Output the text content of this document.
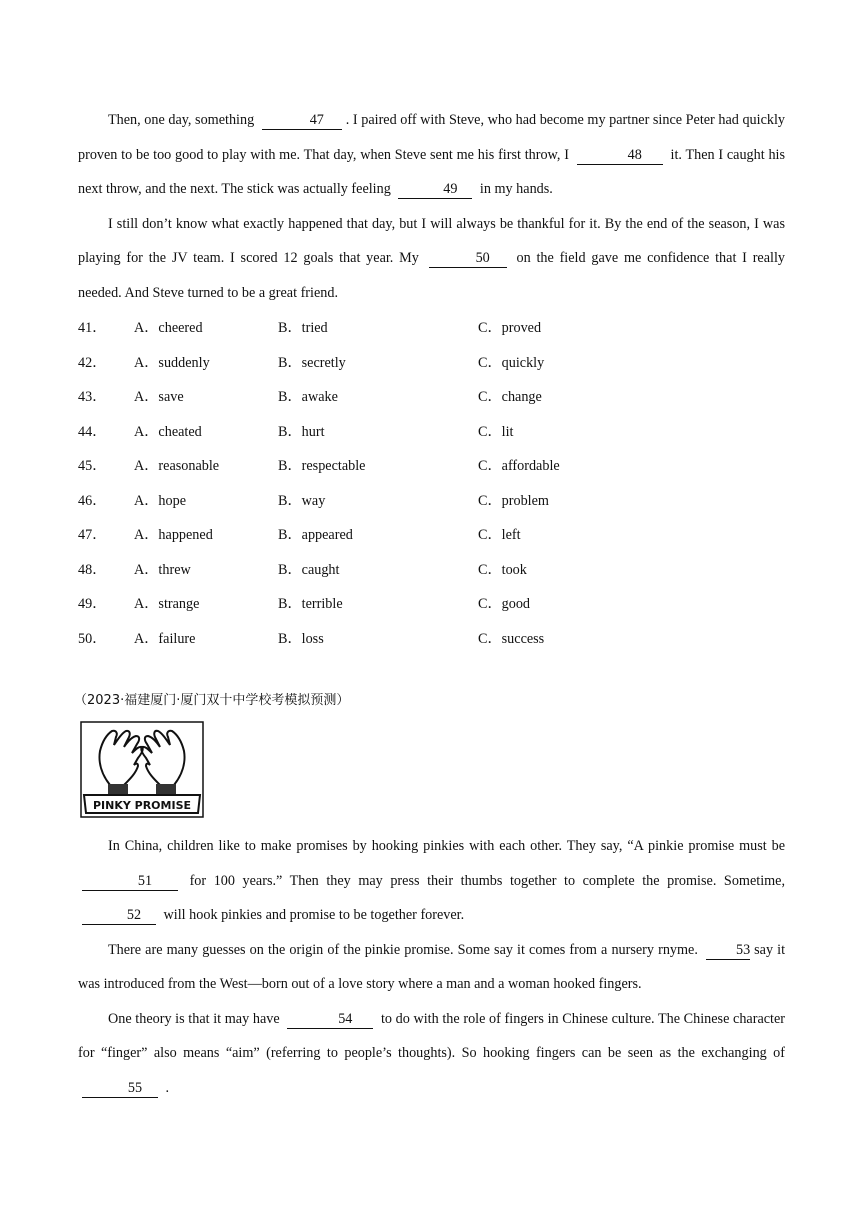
Then, one day, something	47 . I paired off with Steve, who had become my partner since Peter had quickly proven to be too good to play with me. That day, when Steve sent me his first throw, I	48 it. Then I caught his next throw, and the next. The stick was actually feeling	49 in my hands.

I still don’t know what exactly happened that day, but I will always be thankful for it. By the end of the season, I was playing for the JV team. I scored 12 goals that year. My	50 on the field gave me confidence that I really needed. And Steve turned to be a great friend.

41．	A．cheered	B．tried	C．proved
42．	A．suddenly	B．secretly	C．quickly
43．	A．save	B．awake	C．change
44．	A．cheated	B．hurt	C．lit
45．	A．reasonable	B．respectable	C．affordable
46．	A．hope	B．way	C．problem
47．	A．happened	B．appeared	C．left
48．	A．threw	B．caught	C．took
49．	A．strange	B．terrible	C．good
50．	A．failure	B．loss	C．success
（2023·福建厦门·厦门双十中学校考模拟预测）
PINKY PROMISE

In China, children like to make promises by hooking pinkies with each other. They say, “A pinkie promise must be 51	for 100 years.” Then they may press their thumbs together to complete the promise. Sometime, 52 will hook pinkies and promise to be together forever.

There are many guesses on the origin of the pinkie promise. Some say it comes from a nursery rnyme.	53 say it was introduced from the West—born out of a love story where a man and a woman hooked fingers.

One theory is that it may have	54 to do with the role of fingers in Chinese culture. The Chinese character for “finger” also means “aim” (referring to people’s thoughts). So hooking fingers can be seen as the exchanging of 55 .
